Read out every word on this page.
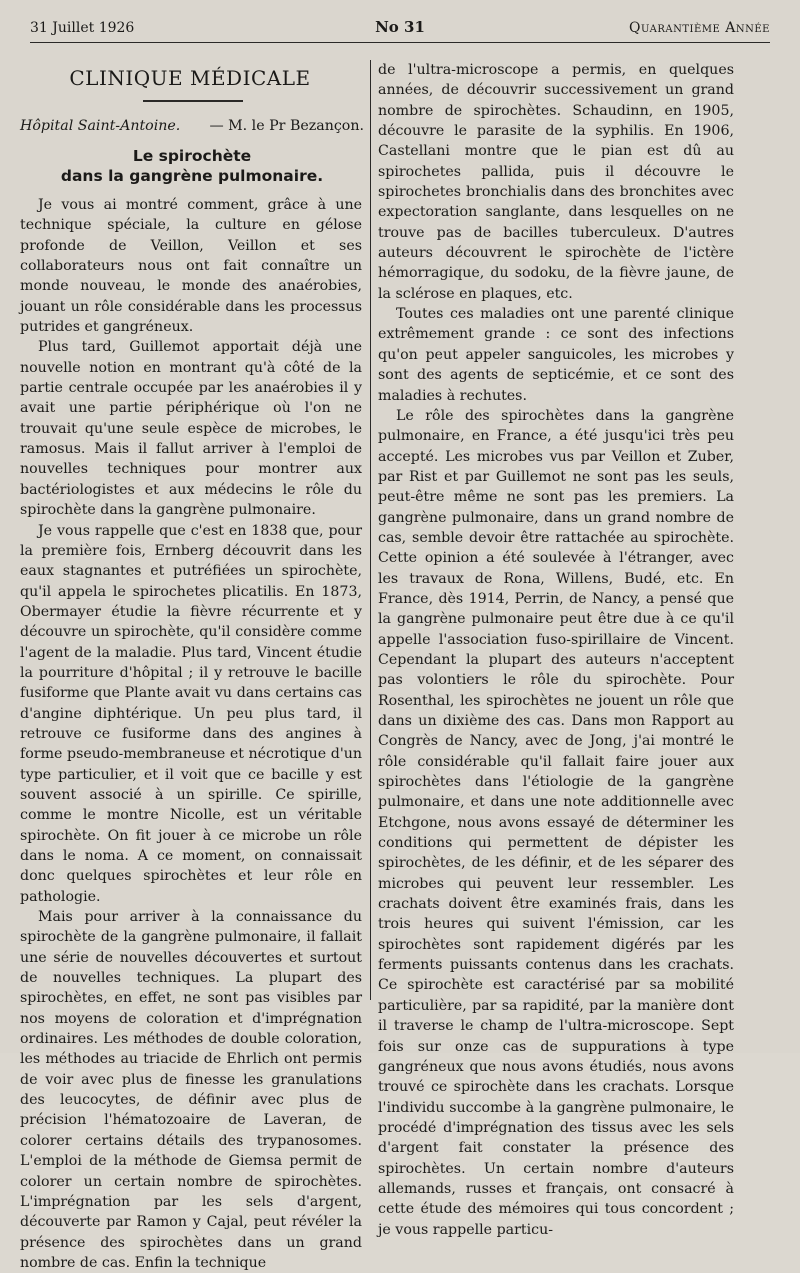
31 Juillet 1926	No 31	Quarantième Année
CLINIQUE MÉDICALE
Hôpital Saint-Antoine. — M. le Pr Bezançon.
Le spirochète
dans la gangrène pulmonaire.

Je vous ai montré comment, grâce à une technique spéciale, la culture en gélose profonde de Veillon, Veillon et ses collaborateurs nous ont fait connaître un monde nouveau, le monde des anaérobies, jouant un rôle considérable dans les processus putrides et gangréneux.

Plus tard, Guillemot apportait déjà une nouvelle notion en montrant qu'à côté de la partie centrale occupée par les anaérobies il y avait une partie périphérique où l'on ne trouvait qu'une seule espèce de microbes, le ramosus. Mais il fallut arriver à l'emploi de nouvelles techniques pour montrer aux bactériologistes et aux médecins le rôle du spirochète dans la gangrène pulmonaire.

Je vous rappelle que c'est en 1838 que, pour la première fois, Ernberg découvrit dans les eaux stagnantes et putréfiées un spirochète, qu'il appela le spirochetes plicatilis. En 1873, Obermayer étudie la fièvre récurrente et y découvre un spirochète, qu'il considère comme l'agent de la maladie. Plus tard, Vincent étudie la pourriture d'hôpital ; il y retrouve le bacille fusiforme que Plante avait vu dans certains cas d'angine diphtérique. Un peu plus tard, il retrouve ce fusiforme dans des angines à forme pseudo-membraneuse et nécrotique d'un type particulier, et il voit que ce bacille y est souvent associé à un spirille. Ce spirille, comme le montre Nicolle, est un véritable spirochète. On fit jouer à ce microbe un rôle dans le noma. A ce moment, on connaissait donc quelques spirochètes et leur rôle en pathologie.

Mais pour arriver à la connaissance du spirochète de la gangrène pulmonaire, il fallait une série de nouvelles découvertes et surtout de nouvelles techniques. La plupart des spirochètes, en effet, ne sont pas visibles par nos moyens de coloration et d'imprégnation ordinaires. Les méthodes de double coloration, les méthodes au triacide de Ehrlich ont permis de voir avec plus de finesse les granulations des leucocytes, de définir avec plus de précision l'hématozoaire de Laveran, de colorer certains détails des trypanosomes. L'emploi de la méthode de Giemsa permit de colorer un certain nombre de spirochètes. L'imprégnation par les sels d'argent, découverte par Ramon y Cajal, peut révéler la présence des spirochètes dans un grand nombre de cas. Enfin la technique

de l'ultra-microscope a permis, en quelques années, de découvrir successivement un grand nombre de spirochètes. Schaudinn, en 1905, découvre le parasite de la syphilis. En 1906, Castellani montre que le pian est dû au spirochetes pallida, puis il découvre le spirochetes bronchialis dans des bronchites avec expectoration sanglante, dans lesquelles on ne trouve pas de bacilles tuberculeux. D'autres auteurs découvrent le spirochète de l'ictère hémorragique, du sodoku, de la fièvre jaune, de la sclérose en plaques, etc.

Toutes ces maladies ont une parenté clinique extrêmement grande : ce sont des infections qu'on peut appeler sanguicoles, les microbes y sont des agents de septicémie, et ce sont des maladies à rechutes.

Le rôle des spirochètes dans la gangrène pulmonaire, en France, a été jusqu'ici très peu accepté. Les microbes vus par Veillon et Zuber, par Rist et par Guillemot ne sont pas les seuls, peut-être même ne sont pas les premiers. La gangrène pulmonaire, dans un grand nombre de cas, semble devoir être rattachée au spirochète. Cette opinion a été soulevée à l'étranger, avec les travaux de Rona, Willens, Budé, etc. En France, dès 1914, Perrin, de Nancy, a pensé que la gangrène pulmonaire peut être due à ce qu'il appelle l'association fuso-spirillaire de Vincent. Cependant la plupart des auteurs n'acceptent pas volontiers le rôle du spirochète. Pour Rosenthal, les spirochètes ne jouent un rôle que dans un dixième des cas. Dans mon Rapport au Congrès de Nancy, avec de Jong, j'ai montré le rôle considérable qu'il fallait faire jouer aux spirochètes dans l'étiologie de la gangrène pulmonaire, et dans une note additionnelle avec Etchgone, nous avons essayé de déterminer les conditions qui permettent de dépister les spirochètes, de les définir, et de les séparer des microbes qui peuvent leur ressembler. Les crachats doivent être examinés frais, dans les trois heures qui suivent l'émission, car les spirochètes sont rapidement digérés par les ferments puissants contenus dans les crachats. Ce spirochète est caractérisé par sa mobilité particulière, par sa rapidité, par la manière dont il traverse le champ de l'ultra-microscope. Sept fois sur onze cas de suppurations à type gangréneux que nous avons étudiés, nous avons trouvé ce spirochète dans les crachats. Lorsque l'individu succombe à la gangrène pulmonaire, le procédé d'imprégnation des tissus avec les sels d'argent fait constater la présence des spirochètes. Un certain nombre d'auteurs allemands, russes et français, ont consacré à cette étude des mémoires qui tous concordent ; je vous rappelle particu-
